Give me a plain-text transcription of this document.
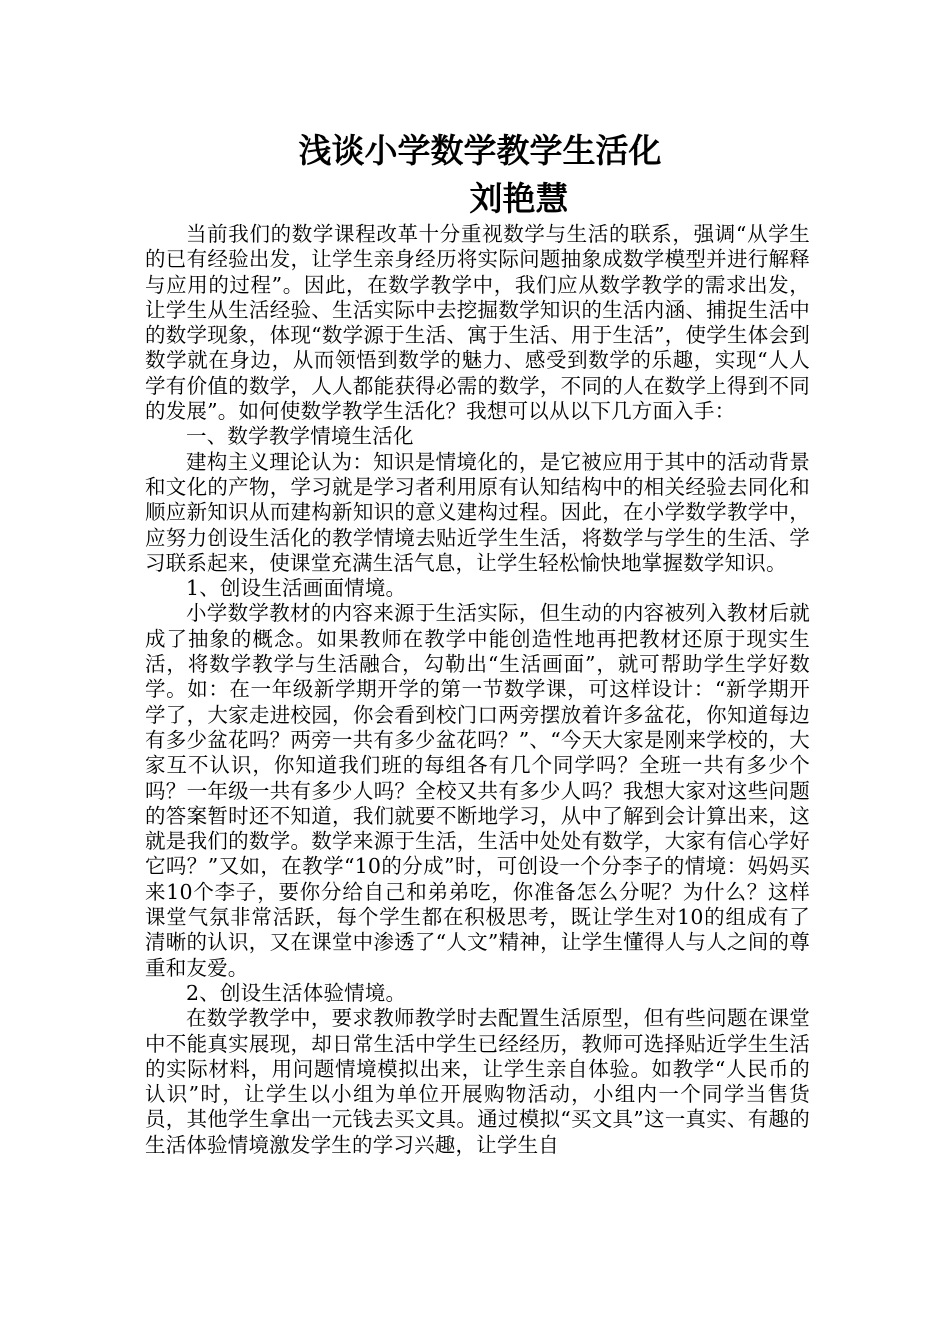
浅谈小学数学教学生活化
刘艳慧

当前我们的数学课程改革十分重视数学与生活的联系，强调“从学生的已有经验出发，让学生亲身经历将实际问题抽象成数学模型并进行解释与应用的过程”。因此，在数学教学中，我们应从数学教学的需求出发，让学生从生活经验、生活实际中去挖掘数学知识的生活内涵、捕捉生活中的数学现象，体现“数学源于生活、寓于生活、用于生活”，使学生体会到数学就在身边，从而领悟到数学的魅力、感受到数学的乐趣，实现“人人学有价值的数学，人人都能获得必需的数学，不同的人在数学上得到不同的发展”。如何使数学教学生活化？我想可以从以下几方面入手：

一、数学教学情境生活化

建构主义理论认为：知识是情境化的，是它被应用于其中的活动背景和文化的产物，学习就是学习者利用原有认知结构中的相关经验去同化和顺应新知识从而建构新知识的意义建构过程。因此，在小学数学教学中，应努力创设生活化的教学情境去贴近学生生活，将数学与学生的生活、学习联系起来，使课堂充满生活气息，让学生轻松愉快地掌握数学知识。

1、创设生活画面情境。

小学数学教材的内容来源于生活实际，但生动的内容被列入教材后就成了抽象的概念。如果教师在教学中能创造性地再把教材还原于现实生活，将数学教学与生活融合，勾勒出“生活画面”，就可帮助学生学好数学。如：在一年级新学期开学的第一节数学课，可这样设计：“新学期开学了，大家走进校园，你会看到校门口两旁摆放着许多盆花，你知道每边有多少盆花吗？两旁一共有多少盆花吗？”、“今天大家是刚来学校的，大家互不认识，你知道我们班的每组各有几个同学吗？全班一共有多少个吗？一年级一共有多少人吗？全校又共有多少人吗？我想大家对这些问题的答案暂时还不知道，我们就要不断地学习，从中了解到会计算出来，这就是我们的数学。数学来源于生活，生活中处处有数学，大家有信心学好它吗？”又如，在教学“10的分成”时，可创设一个分李子的情境：妈妈买来10个李子，要你分给自己和弟弟吃，你准备怎么分呢？为什么？这样课堂气氛非常活跃，每个学生都在积极思考，既让学生对10的组成有了清晰的认识，又在课堂中渗透了“人文”精神，让学生懂得人与人之间的尊重和友爱。

2、创设生活体验情境。

在数学教学中，要求教师教学时去配置生活原型，但有些问题在课堂中不能真实展现，却日常生活中学生已经经历，教师可选择贴近学生生活的实际材料，用问题情境模拟出来，让学生亲自体验。如教学“人民币的认识”时，让学生以小组为单位开展购物活动，小组内一个同学当售货员，其他学生拿出一元钱去买文具。通过模拟“买文具”这一真实、有趣的生活体验情境激发学生的学习兴趣，让学生自
